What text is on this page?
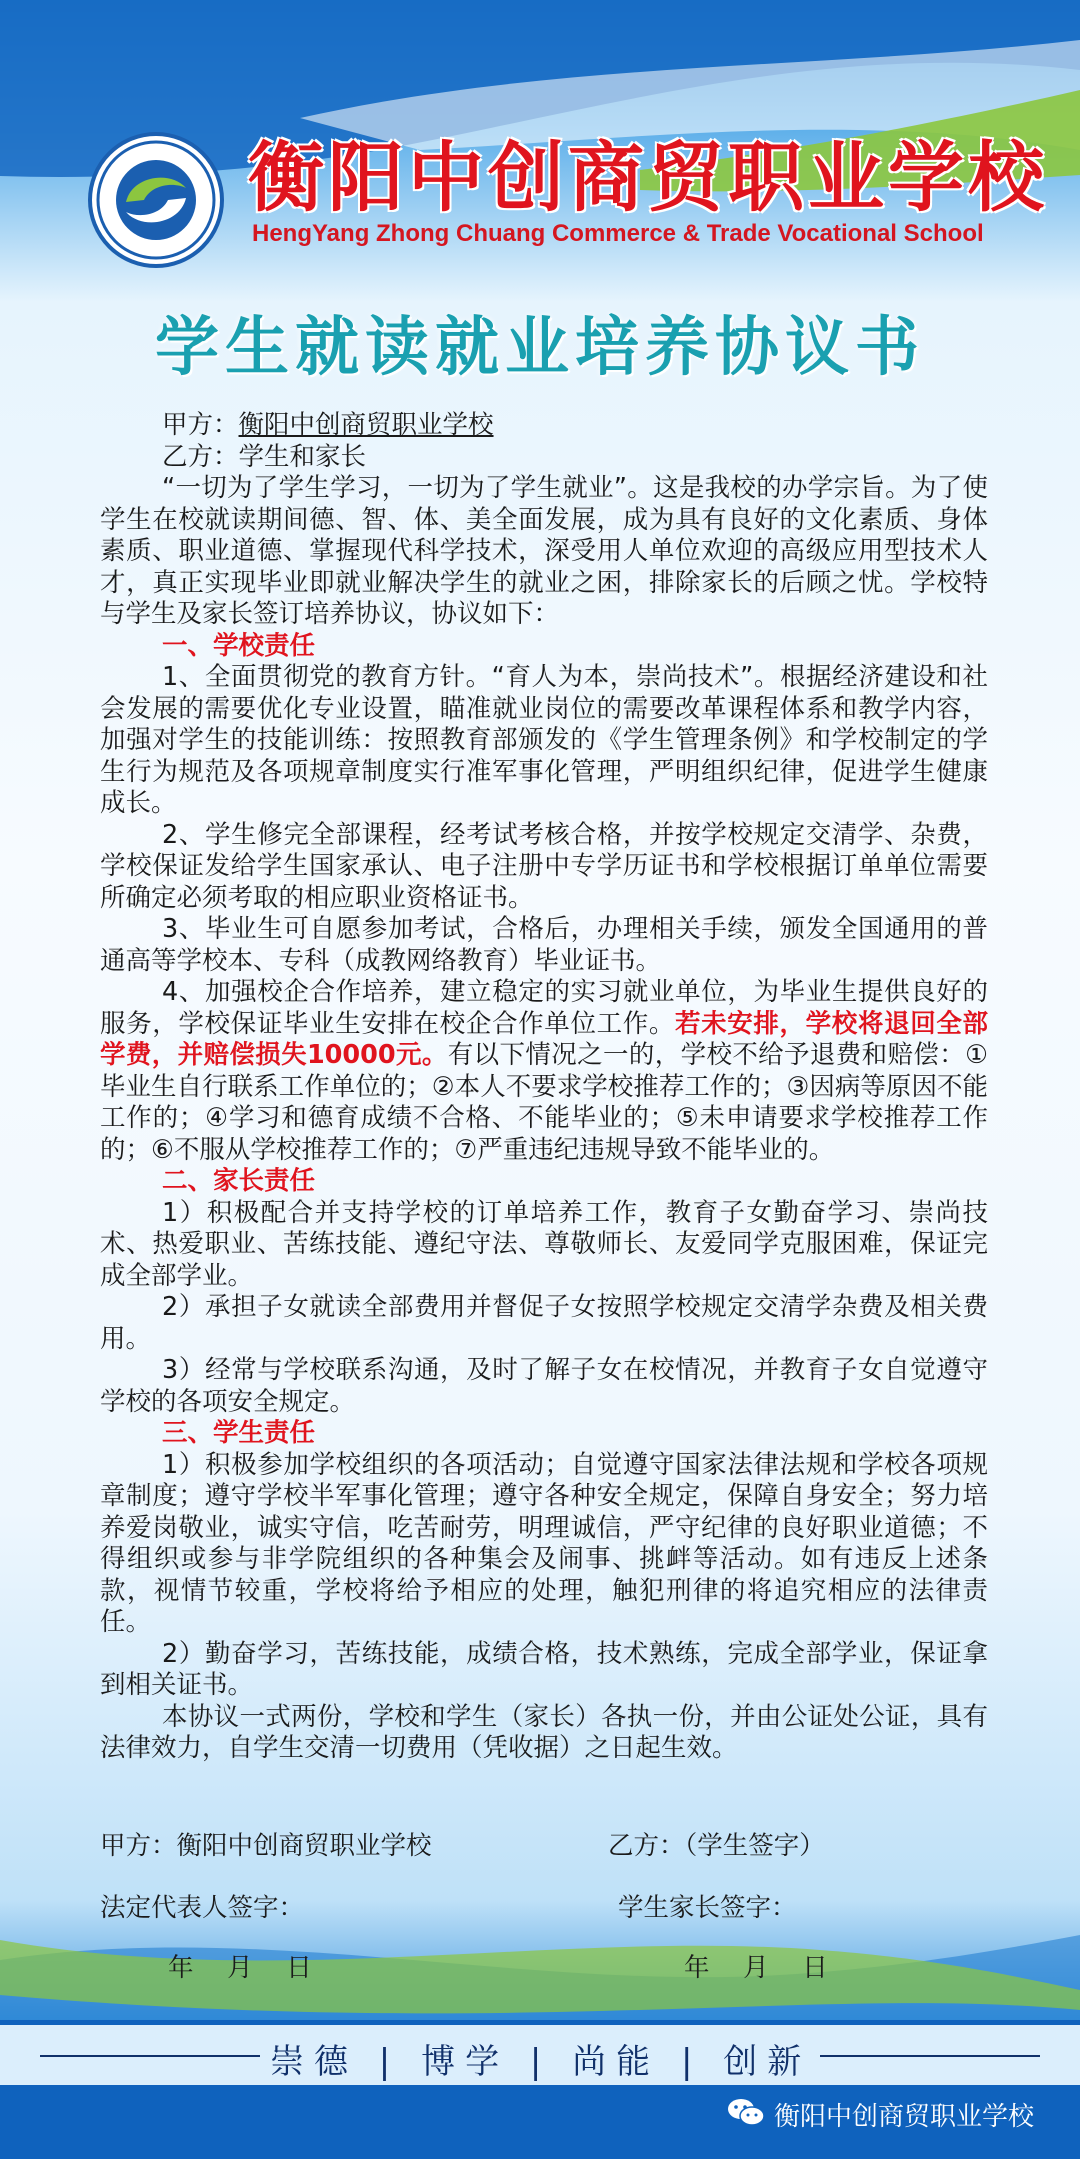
衡阳中创商贸职业学校
HengYang Zhong Chuang Commerce & Trade Vocational School
学生就读就业培养协议书

甲方：衡阳中创商贸职业学校

乙方：学生和家长

“一切为了学生学习，一切为了学生就业”。这是我校的办学宗旨。为了使学生在校就读期间德、智、体、美全面发展，成为具有良好的文化素质、身体素质、职业道德、掌握现代科学技术，深受用人单位欢迎的高级应用型技术人才，真正实现毕业即就业解决学生的就业之困，排除家长的后顾之忧。学校特与学生及家长签订培养协议，协议如下：

一、学校责任

1、全面贯彻党的教育方针。“育人为本，崇尚技术”。根据经济建设和社会发展的需要优化专业设置，瞄准就业岗位的需要改革课程体系和教学内容，加强对学生的技能训练：按照教育部颁发的《学生管理条例》和学校制定的学生行为规范及各项规章制度实行准军事化管理，严明组织纪律，促进学生健康成长。

2、学生修完全部课程，经考试考核合格，并按学校规定交清学、杂费，学校保证发给学生国家承认、电子注册中专学历证书和学校根据订单单位需要所确定必须考取的相应职业资格证书。

3、毕业生可自愿参加考试，合格后，办理相关手续，颁发全国通用的普通高等学校本、专科（成教网络教育）毕业证书。

4、加强校企合作培养，建立稳定的实习就业单位，为毕业生提供良好的服务，学校保证毕业生安排在校企合作单位工作。若未安排，学校将退回全部学费，并赔偿损失10000元。有以下情况之一的，学校不给予退费和赔偿：①毕业生自行联系工作单位的；②本人不要求学校推荐工作的；③因病等原因不能工作的；④学习和德育成绩不合格、不能毕业的；⑤未申请要求学校推荐工作的；⑥不服从学校推荐工作的；⑦严重违纪违规导致不能毕业的。

二、家长责任

1）积极配合并支持学校的订单培养工作，教育子女勤奋学习、崇尚技术、热爱职业、苦练技能、遵纪守法、尊敬师长、友爱同学克服困难，保证完成全部学业。

2）承担子女就读全部费用并督促子女按照学校规定交清学杂费及相关费用。

3）经常与学校联系沟通，及时了解子女在校情况，并教育子女自觉遵守学校的各项安全规定。

三、学生责任

1）积极参加学校组织的各项活动；自觉遵守国家法律法规和学校各项规章制度；遵守学校半军事化管理；遵守各种安全规定，保障自身安全；努力培养爱岗敬业，诚实守信，吃苦耐劳，明理诚信，严守纪律的良好职业道德；不得组织或参与非学院组织的各种集会及闹事、挑衅等活动。如有违反上述条款，视情节较重，学校将给予相应的处理，触犯刑律的将追究相应的法律责任。

2）勤奋学习，苦练技能，成绩合格，技术熟练，完成全部学业，保证拿到相关证书。

本协议一式两份，学校和学生（家长）各执一份，并由公证处公证，具有法律效力，自学生交清一切费用（凭收据）之日起生效。

甲方：衡阳中创商贸职业学校	乙方：（学生签字）
法定代表人签字：	学生家长签字：
年　 月　 日	年　 月　 日
崇德 | 博学 | 尚能 | 创新
衡阳中创商贸职业学校
